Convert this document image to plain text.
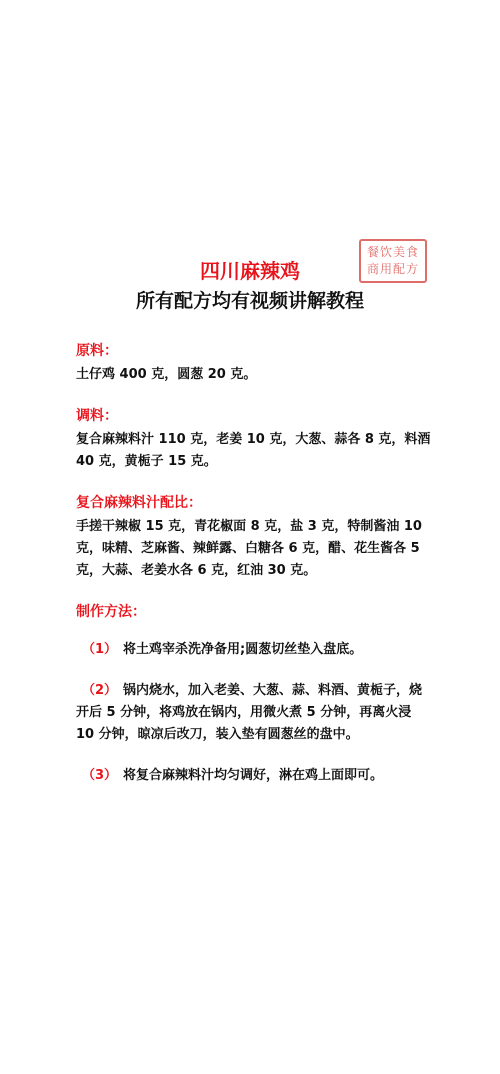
餐饮美食
商用配方
四川麻辣鸡
所有配方均有视频讲解教程

原料：

土仔鸡 400 克，圆葱 20 克。

调料：

复合麻辣料汁 110 克，老姜 10 克，大葱、蒜各 8 克，料酒 40 克，黄栀子 15 克。

复合麻辣料汁配比：

手搓干辣椒 15 克，青花椒面 8 克，盐 3 克，特制酱油 10 克，味精、芝麻酱、辣鲜露、白糖各 6 克，醋、花生酱各 5 克，大蒜、老姜水各 6 克，红油 30 克。

制作方法：

（1） 将土鸡宰杀洗净备用;圆葱切丝垫入盘底。

（2） 锅内烧水，加入老姜、大葱、蒜、料酒、黄栀子，烧开后 5 分钟，将鸡放在锅内，用微火煮 5 分钟，再离火浸 10 分钟，晾凉后改刀，装入垫有圆葱丝的盘中。

（3） 将复合麻辣料汁均匀调好，淋在鸡上面即可。
